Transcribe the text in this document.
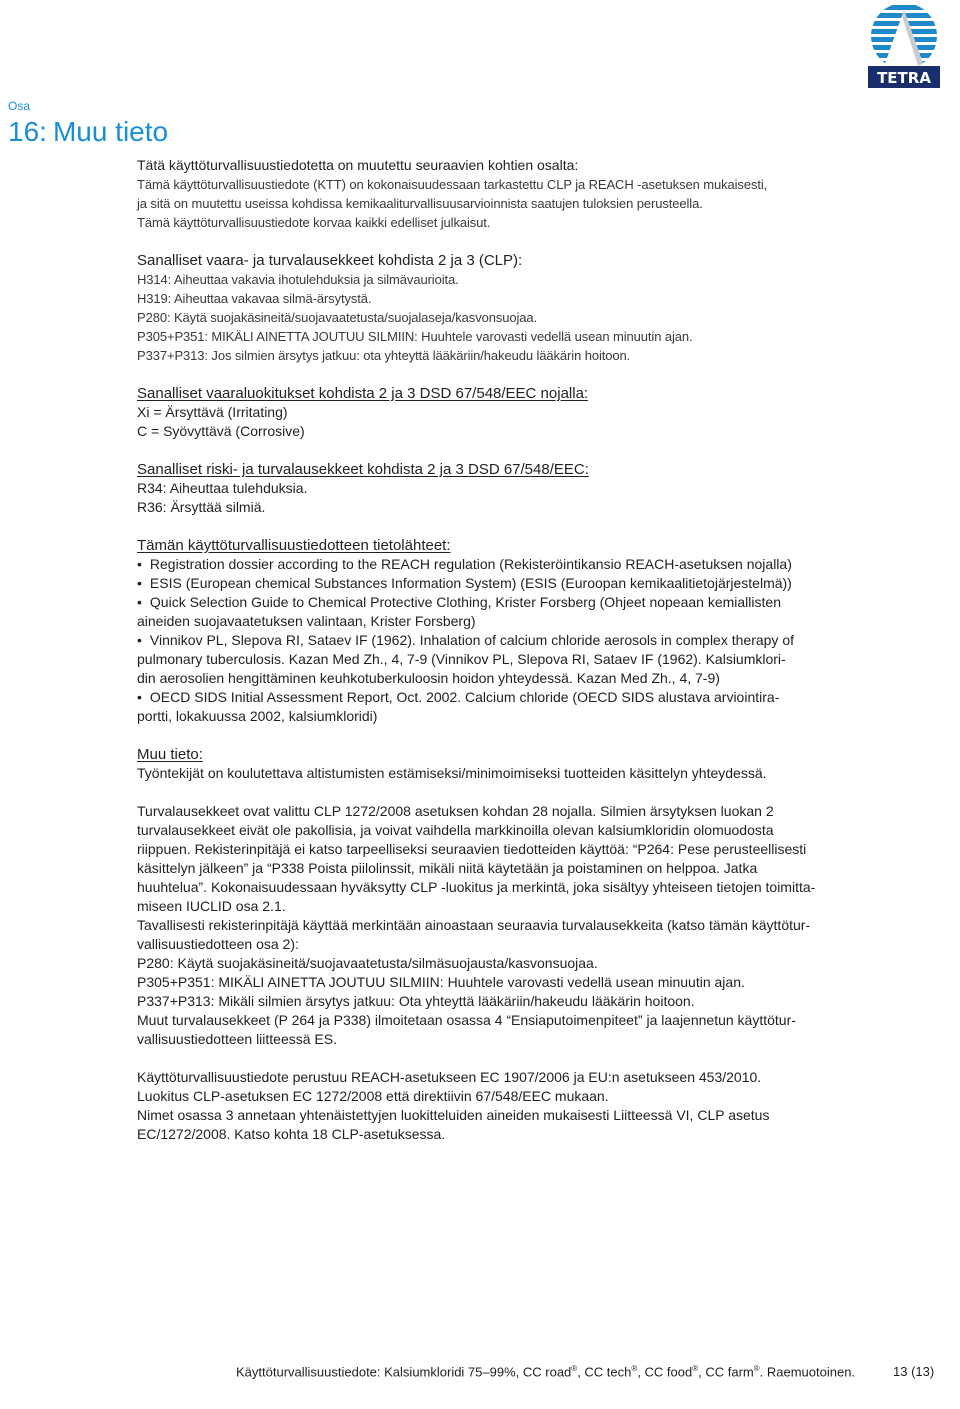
Osa
16: Muu tieto
TETRA
Tätä käyttöturvallisuustiedotetta on muutettu seuraavien kohtien osalta:
Tämä käyttöturvallisuustiedote (KTT) on kokonaisuudessaan tarkastettu CLP ja REACH -asetuksen mukaisesti,
ja sitä on muutettu useissa kohdissa kemikaaliturvallisuusarvioinnista saatujen tuloksien perusteella.
Tämä käyttöturvallisuustiedote korvaa kaikki edelliset julkaisut.
Sanalliset vaara- ja turvalausekkeet kohdista 2 ja 3 (CLP):
H314: Aiheuttaa vakavia ihotulehduksia ja silmävaurioita.
H319: Aiheuttaa vakavaa silmä-ärsytystä.
P280: Käytä suojakäsineitä/suojavaatetusta/suojalaseja/kasvonsuojaa.
P305+P351: MIKÄLI AINETTA JOUTUU SILMIIN: Huuhtele varovasti vedellä usean minuutin ajan.
P337+P313: Jos silmien ärsytys jatkuu: ota yhteyttä lääkäriin/hakeudu lääkärin hoitoon.
Sanalliset vaaraluokitukset kohdista 2 ja 3 DSD 67/548/EEC nojalla:
Xi = Ärsyttävä (Irritating)
C = Syövyttävä (Corrosive)
Sanalliset riski- ja turvalausekkeet kohdista 2 ja 3 DSD 67/548/EEC:
R34: Aiheuttaa tulehduksia.
R36: Ärsyttää silmiä.
Tämän käyttöturvallisuustiedotteen tietolähteet:
• Registration dossier according to the REACH regulation (Rekisteröintikansio REACH-asetuksen nojalla)
• ESIS (European chemical Substances Information System) (ESIS (Euroopan kemikaalitietojärjestelmä))
• Quick Selection Guide to Chemical Protective Clothing, Krister Forsberg (Ohjeet nopeaan kemiallisten
aineiden suojavaatetuksen valintaan, Krister Forsberg)
• Vinnikov PL, Slepova RI, Sataev IF (1962). Inhalation of calcium chloride aerosols in complex therapy of
pulmonary tuberculosis. Kazan Med Zh., 4, 7-9 (Vinnikov PL, Slepova RI, Sataev IF (1962). Kalsiumklori-
din aerosolien hengittäminen keuhkotuberkuloosin hoidon yhteydessä. Kazan Med Zh., 4, 7-9)
• OECD SIDS Initial Assessment Report, Oct. 2002. Calcium chloride (OECD SIDS alustava arviointira-
portti, lokakuussa 2002, kalsiumkloridi)
Muu tieto:
Työntekijät on koulutettava altistumisten estämiseksi/minimoimiseksi tuotteiden käsittelyn yhteydessä.
Turvalausekkeet ovat valittu CLP 1272/2008 asetuksen kohdan 28 nojalla. Silmien ärsytyksen luokan 2
turvalausekkeet eivät ole pakollisia, ja voivat vaihdella markkinoilla olevan kalsiumkloridin olomuodosta
riippuen. Rekisterinpitäjä ei katso tarpeelliseksi seuraavien tiedotteiden käyttöä: “P264: Pese perusteellisesti
käsittelyn jälkeen” ja “P338 Poista piilolinssit, mikäli niitä käytetään ja poistaminen on helppoa. Jatka
huuhtelua”. Kokonaisuudessaan hyväksytty CLP -luokitus ja merkintä, joka sisältyy yhteiseen tietojen toimitta-
miseen IUCLID osa 2.1.
Tavallisesti rekisterinpitäjä käyttää merkintään ainoastaan seuraavia turvalausekkeita (katso tämän käyttötur-
vallisuustiedotteen osa 2):
P280: Käytä suojakäsineitä/suojavaatetusta/silmäsuojausta/kasvonsuojaa.
P305+P351: MIKÄLI AINETTA JOUTUU SILMIIN: Huuhtele varovasti vedellä usean minuutin ajan.
P337+P313: Mikäli silmien ärsytys jatkuu: Ota yhteyttä lääkäriin/hakeudu lääkärin hoitoon.
Muut turvalausekkeet (P 264 ja P338) ilmoitetaan osassa 4 “Ensiaputoimenpiteet” ja laajennetun käyttötur-
vallisuustiedotteen liitteessä ES.
Käyttöturvallisuustiedote perustuu REACH-asetukseen EC 1907/2006 ja EU:n asetukseen 453/2010.
Luokitus CLP-asetuksen EC 1272/2008 että direktiivin 67/548/EEC mukaan.
Nimet osassa 3 annetaan yhtenäistettyjen luokitteluiden aineiden mukaisesti Liitteessä VI, CLP asetus
EC/1272/2008. Katso kohta 18 CLP-asetuksessa.
Käyttöturvallisuustiedote: Kalsiumkloridi 75–99%, CC road®, CC tech®, CC food®, CC farm®. Raemuotoinen.	13 (13)
